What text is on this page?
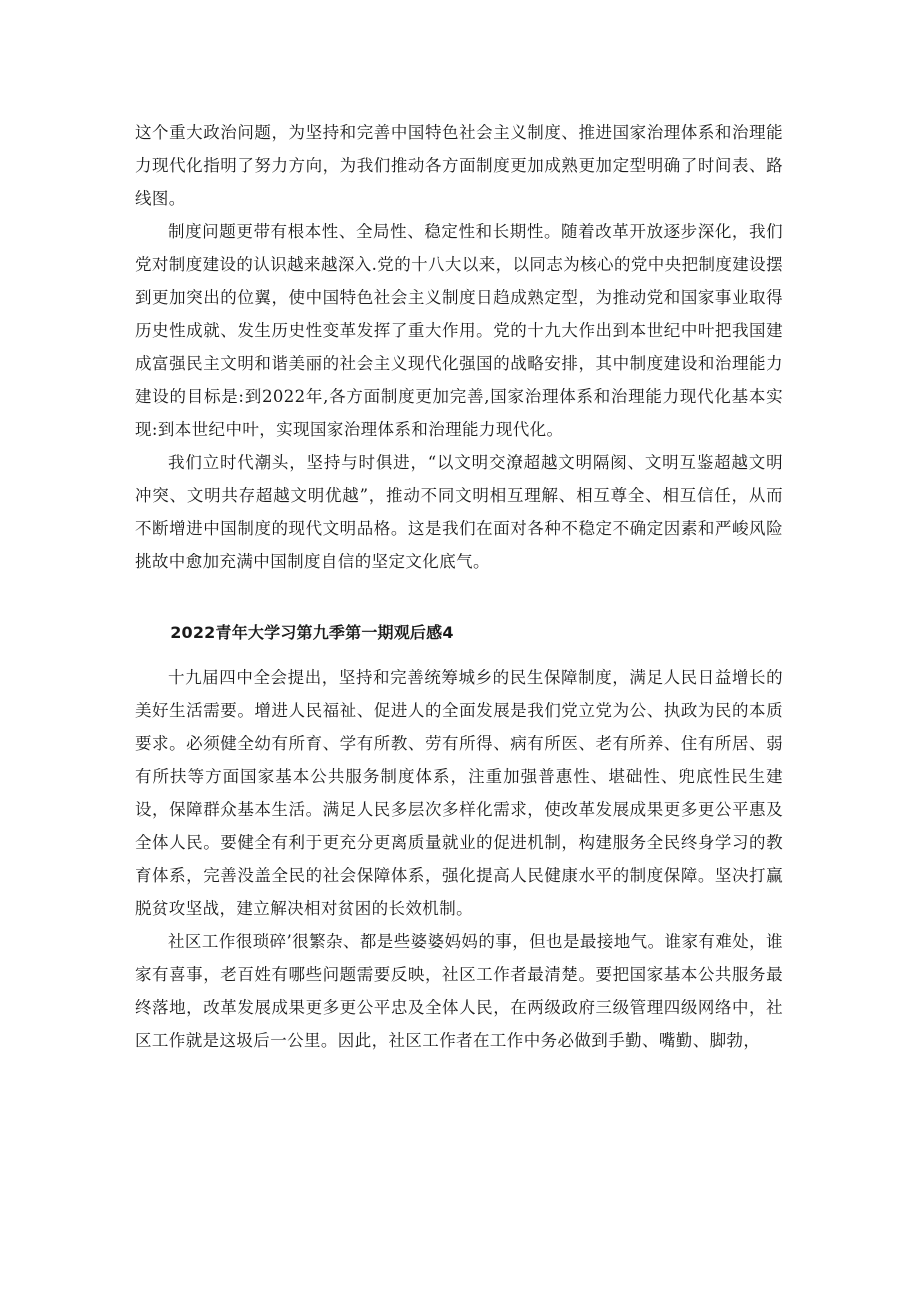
这个重大政治问题，为坚持和完善中国特色社会主义制度、推进国家治理体系和治理能力现代化指明了努力方向，为我们推动各方面制度更加成熟更加定型明确了时间表、路线图。

制度问题更带有根本性、全局性、稳定性和长期性。随着改革开放逐步深化，我们党对制度建设的认识越来越深入.党的十八大以来，以同志为核心的党中央把制度建设摆到更加突出的位翼，使中国特色社会主义制度日趋成熟定型，为推动党和国家事业取得历史性成就、发生历史性变革发挥了重大作用。党的十九大作出到本世纪中叶把我国建成富强民主文明和谐美丽的社会主义现代化强国的战略安排，其中制度建设和治理能力建设的目标是:到2022年,各方面制度更加完善,国家治理体系和治理能力现代化基本实现:到本世纪中叶，实现国家治理体系和治理能力现代化。

我们立时代潮头，坚持与时俱进，“以文明交潦超越文明隔阂、文明互鉴超越文明冲突、文明共存超越文明优越”，推动不同文明相互理解、相互尊全、相互信任，从而不断增进中国制度的现代文明品格。这是我们在面对各种不稳定不确定因素和严峻风险挑故中愈加充满中国制度自信的坚定文化底气。

2022青年大学习第九季第一期观后感4

十九届四中全会提出，坚持和完善统筹城乡的民生保障制度，满足人民日益增长的美好生活需要。增进人民福祉、促进人的全面发展是我们党立党为公、执政为民的本质要求。必须健全幼有所育、学有所教、劳有所得、病有所医、老有所养、住有所居、弱有所扶等方面国家基本公共服务制度体系，注重加强普惠性、堪础性、兜底性民生建设，保障群众基本生活。满足人民多层次多样化需求，使改革发展成果更多更公平惠及全体人民。要健全有利于更充分更离质量就业的促进机制，构建服务全民终身学习的教育体系，完善没盖全民的社会保障体系，强化提高人民健康水平的制度保障。坚决打赢脱贫攻坚战，建立解决相对贫困的长效机制。

社区工作很琐碎’很繁杂、都是些婆婆妈妈的事，但也是最接地气。谁家有难处，谁家有喜事，老百姓有哪些问题需要反映，社区工作者最清楚。要把国家基本公共服务最终落地，改革发展成果更多更公平忠及全体人民，在两级政府三级管理四级网络中，社区工作就是这圾后一公里。因此，社区工作者在工作中务必做到手勤、嘴勤、脚勃，
